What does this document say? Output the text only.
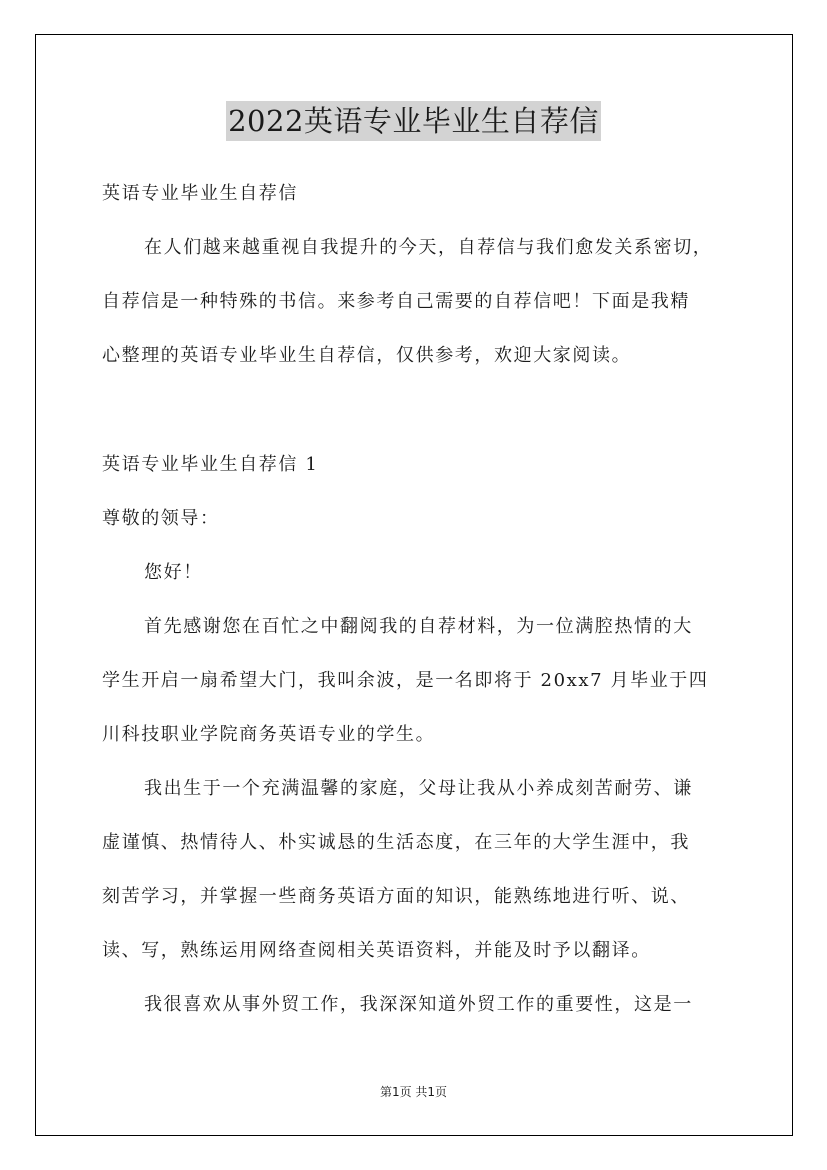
2022英语专业毕业生自荐信
英语专业毕业生自荐信
在人们越来越重视自我提升的今天，自荐信与我们愈发关系密切，
自荐信是一种特殊的书信。来参考自己需要的自荐信吧！下面是我精
心整理的英语专业毕业生自荐信，仅供参考，欢迎大家阅读。
英语专业毕业生自荐信 1
尊敬的领导：
您好！
首先感谢您在百忙之中翻阅我的自荐材料，为一位满腔热情的大
学生开启一扇希望大门，我叫余波，是一名即将于 20xx7 月毕业于四
川科技职业学院商务英语专业的学生。
我出生于一个充满温馨的家庭，父母让我从小养成刻苦耐劳、谦
虚谨慎、热情待人、朴实诚恳的生活态度，在三年的大学生涯中，我
刻苦学习，并掌握一些商务英语方面的知识，能熟练地进行听、说、
读、写，熟练运用网络查阅相关英语资料，并能及时予以翻译。
我很喜欢从事外贸工作，我深深知道外贸工作的重要性，这是一
第1页 共1页
